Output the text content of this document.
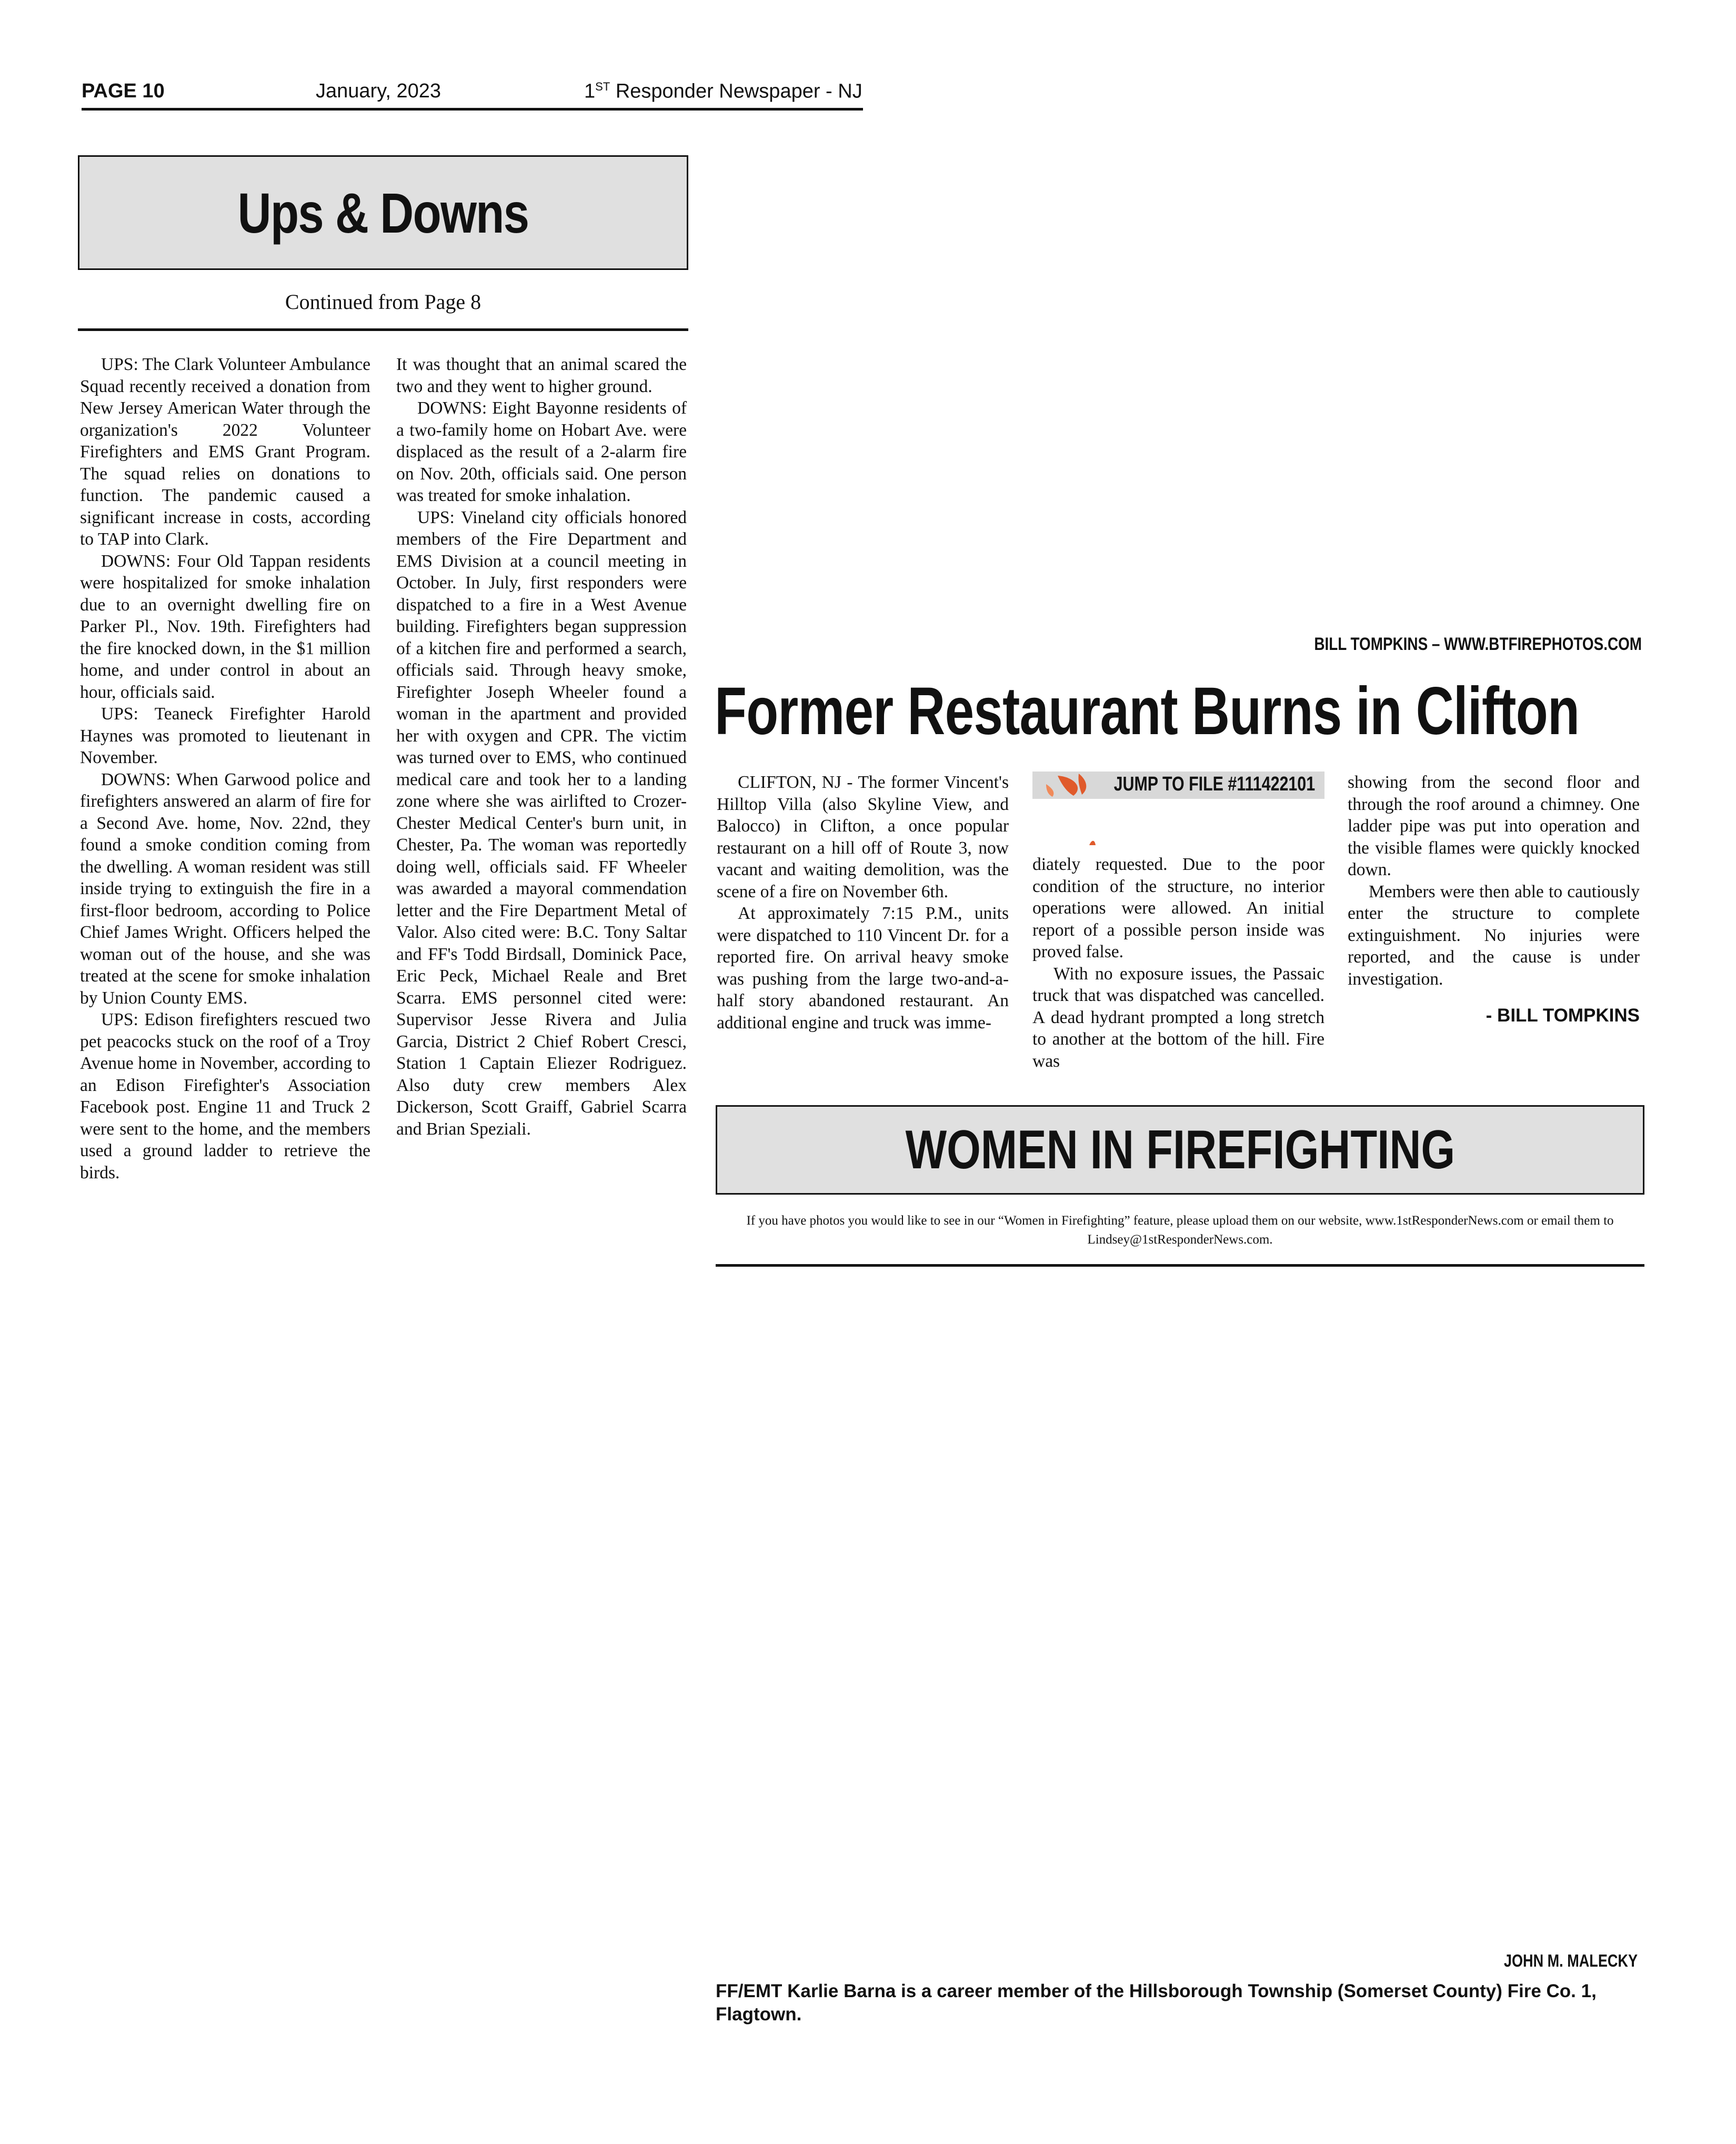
PAGE 10	January, 2023	1ST Responder Newspaper - NJ
Ups & Downs
Continued from Page 8

UPS: The Clark Volunteer Ambulance Squad recently received a donation from New Jersey American Water through the organization's 2022 Volunteer Firefighters and EMS Grant Program. The squad relies on donations to function. The pandemic caused a significant increase in costs, according to TAP into Clark.

DOWNS: Four Old Tappan residents were hospitalized for smoke inhalation due to an overnight dwelling fire on Parker Pl., Nov. 19th. Firefighters had the fire knocked down, in the $1 million home, and under control in about an hour, officials said.

UPS: Teaneck Firefighter Harold Haynes was promoted to lieutenant in November.

DOWNS: When Garwood police and firefighters answered an alarm of fire for a Second Ave. home, Nov. 22nd, they found a smoke condition coming from the dwelling. A woman resident was still inside trying to extinguish the fire in a first-floor bedroom, according to Police Chief James Wright. Officers helped the woman out of the house, and she was treated at the scene for smoke inhalation by Union County EMS.

UPS: Edison firefighters rescued two pet peacocks stuck on the roof of a Troy Avenue home in November, according to an Edison Firefighter's Association Facebook post. Engine 11 and Truck 2 were sent to the home, and the members used a ground ladder to retrieve the birds.

It was thought that an animal scared the two and they went to higher ground.

DOWNS: Eight Bayonne residents of a two-family home on Hobart Ave. were displaced as the result of a 2-alarm fire on Nov. 20th, officials said. One person was treated for smoke inhalation.

UPS: Vineland city officials honored members of the Fire Department and EMS Division at a council meeting in October. In July, first responders were dispatched to a fire in a West Avenue building. Firefighters began suppression of a kitchen fire and performed a search, officials said. Through heavy smoke, Firefighter Joseph Wheeler found a woman in the apartment and provided her with oxygen and CPR. The victim was turned over to EMS, who continued medical care and took her to a landing zone where she was airlifted to Crozer-Chester Medical Center's burn unit, in Chester, Pa. The woman was reportedly doing well, officials said. FF Wheeler was awarded a mayoral commendation letter and the Fire Department Metal of Valor. Also cited were: B.C. Tony Saltar and FF's Todd Birdsall, Dominick Pace, Eric Peck, Michael Reale and Bret Scarra. EMS personnel cited were: Supervisor Jesse Rivera and Julia Garcia, District 2 Chief Robert Cresci, Station 1 Captain Eliezer Rodriguez. Also duty crew members Alex Dickerson, Scott Graiff, Gabriel Scarra and Brian Speziali.

BILL TOMPKINS – WWW.BTFIREPHOTOS.COM
Former Restaurant Burns in Clifton

CLIFTON, NJ - The former Vincent's Hilltop Villa (also Skyline View, and Balocco) in Clifton, a once popular restaurant on a hill off of Route 3, now vacant and waiting demolition, was the scene of a fire on November 6th.

At approximately 7:15 P.M., units were dispatched to 110 Vincent Dr. for a reported fire. On arrival heavy smoke was pushing from the large two-and-a-half story abandoned restaurant. An additional engine and truck was imme-

JUMP TO FILE #111422101

diately requested. Due to the poor condition of the structure, no interior operations were allowed. An initial report of a possible person inside was proved false.

With no exposure issues, the Passaic truck that was dispatched was cancelled. A dead hydrant prompted a long stretch to another at the bottom of the hill. Fire was

showing from the second floor and through the roof around a chimney. One ladder pipe was put into operation and the visible flames were quickly knocked down.

Members were then able to cautiously enter the structure to complete extinguishment. No injuries were reported, and the cause is under investigation.

- BILL TOMPKINS
WOMEN IN FIREFIGHTING
If you have photos you would like to see in our “Women in Firefighting” feature, please upload them on our website, www.1stResponderNews.com or email them to Lindsey@1stResponderNews.com.
JOHN M. MALECKY
FF/EMT Karlie Barna is a career member of the Hillsborough Township (Somerset County) Fire Co. 1, Flagtown.
